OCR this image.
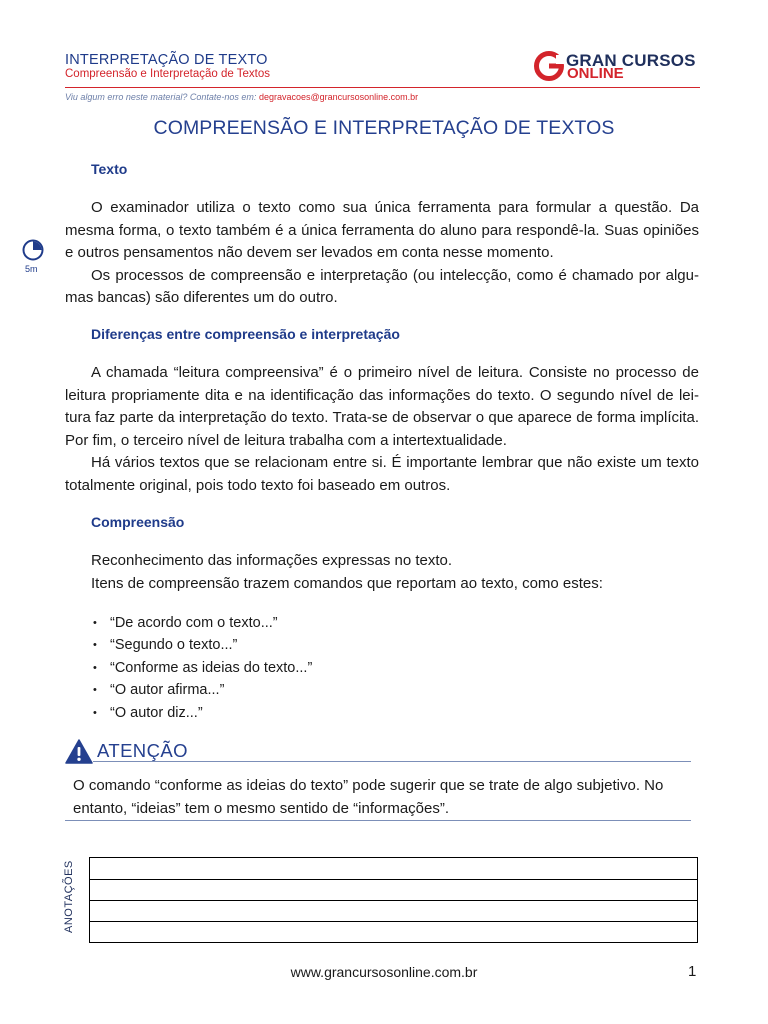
INTERPRETAÇÃO DE TEXTO
Compreensão e Interpretação de Textos
GRAN CURSOS
ONLINE
Viu algum erro neste material? Contate-nos em: degravacoes@grancursosonline.com.br
COMPREENSÃO E INTERPRETAÇÃO DE TEXTOS
Texto
5m

O examinador utiliza o texto como sua única ferramenta para formular a questão. Da mesma forma, o texto também é a única ferramenta do aluno para respondê-la. Suas opiniões e outros pensamentos não devem ser levados em conta nesse momento.

Os processos de compreensão e interpretação (ou intelecção, como é chamado por algumas bancas) são diferentes um do outro.

Diferenças entre compreensão e interpretação

A chamada “leitura compreensiva” é o primeiro nível de leitura. Consiste no processo de leitura propriamente dita e na identificação das informações do texto. O segundo nível de leitura faz parte da interpretação do texto. Trata-se de observar o que aparece de forma implícita. Por fim, o terceiro nível de leitura trabalha com a intertextualidade.

Há vários textos que se relacionam entre si. É importante lembrar que não existe um texto totalmente original, pois todo texto foi baseado em outros.

Compreensão

Reconhecimento das informações expressas no texto.

Itens de compreensão trazem comandos que reportam ao texto, como estes:

• “De acordo com o texto...”
• “Segundo o texto...”
• “Conforme as ideias do texto...”
• “O autor afirma...”
• “O autor diz...”
ATENÇÃO
O comando “conforme as ideias do texto” pode sugerir que se trate de algo subjetivo. No entanto, “ideias” tem o mesmo sentido de “informações”.
ANOTAÇÕES
www.grancursosonline.com.br	1
